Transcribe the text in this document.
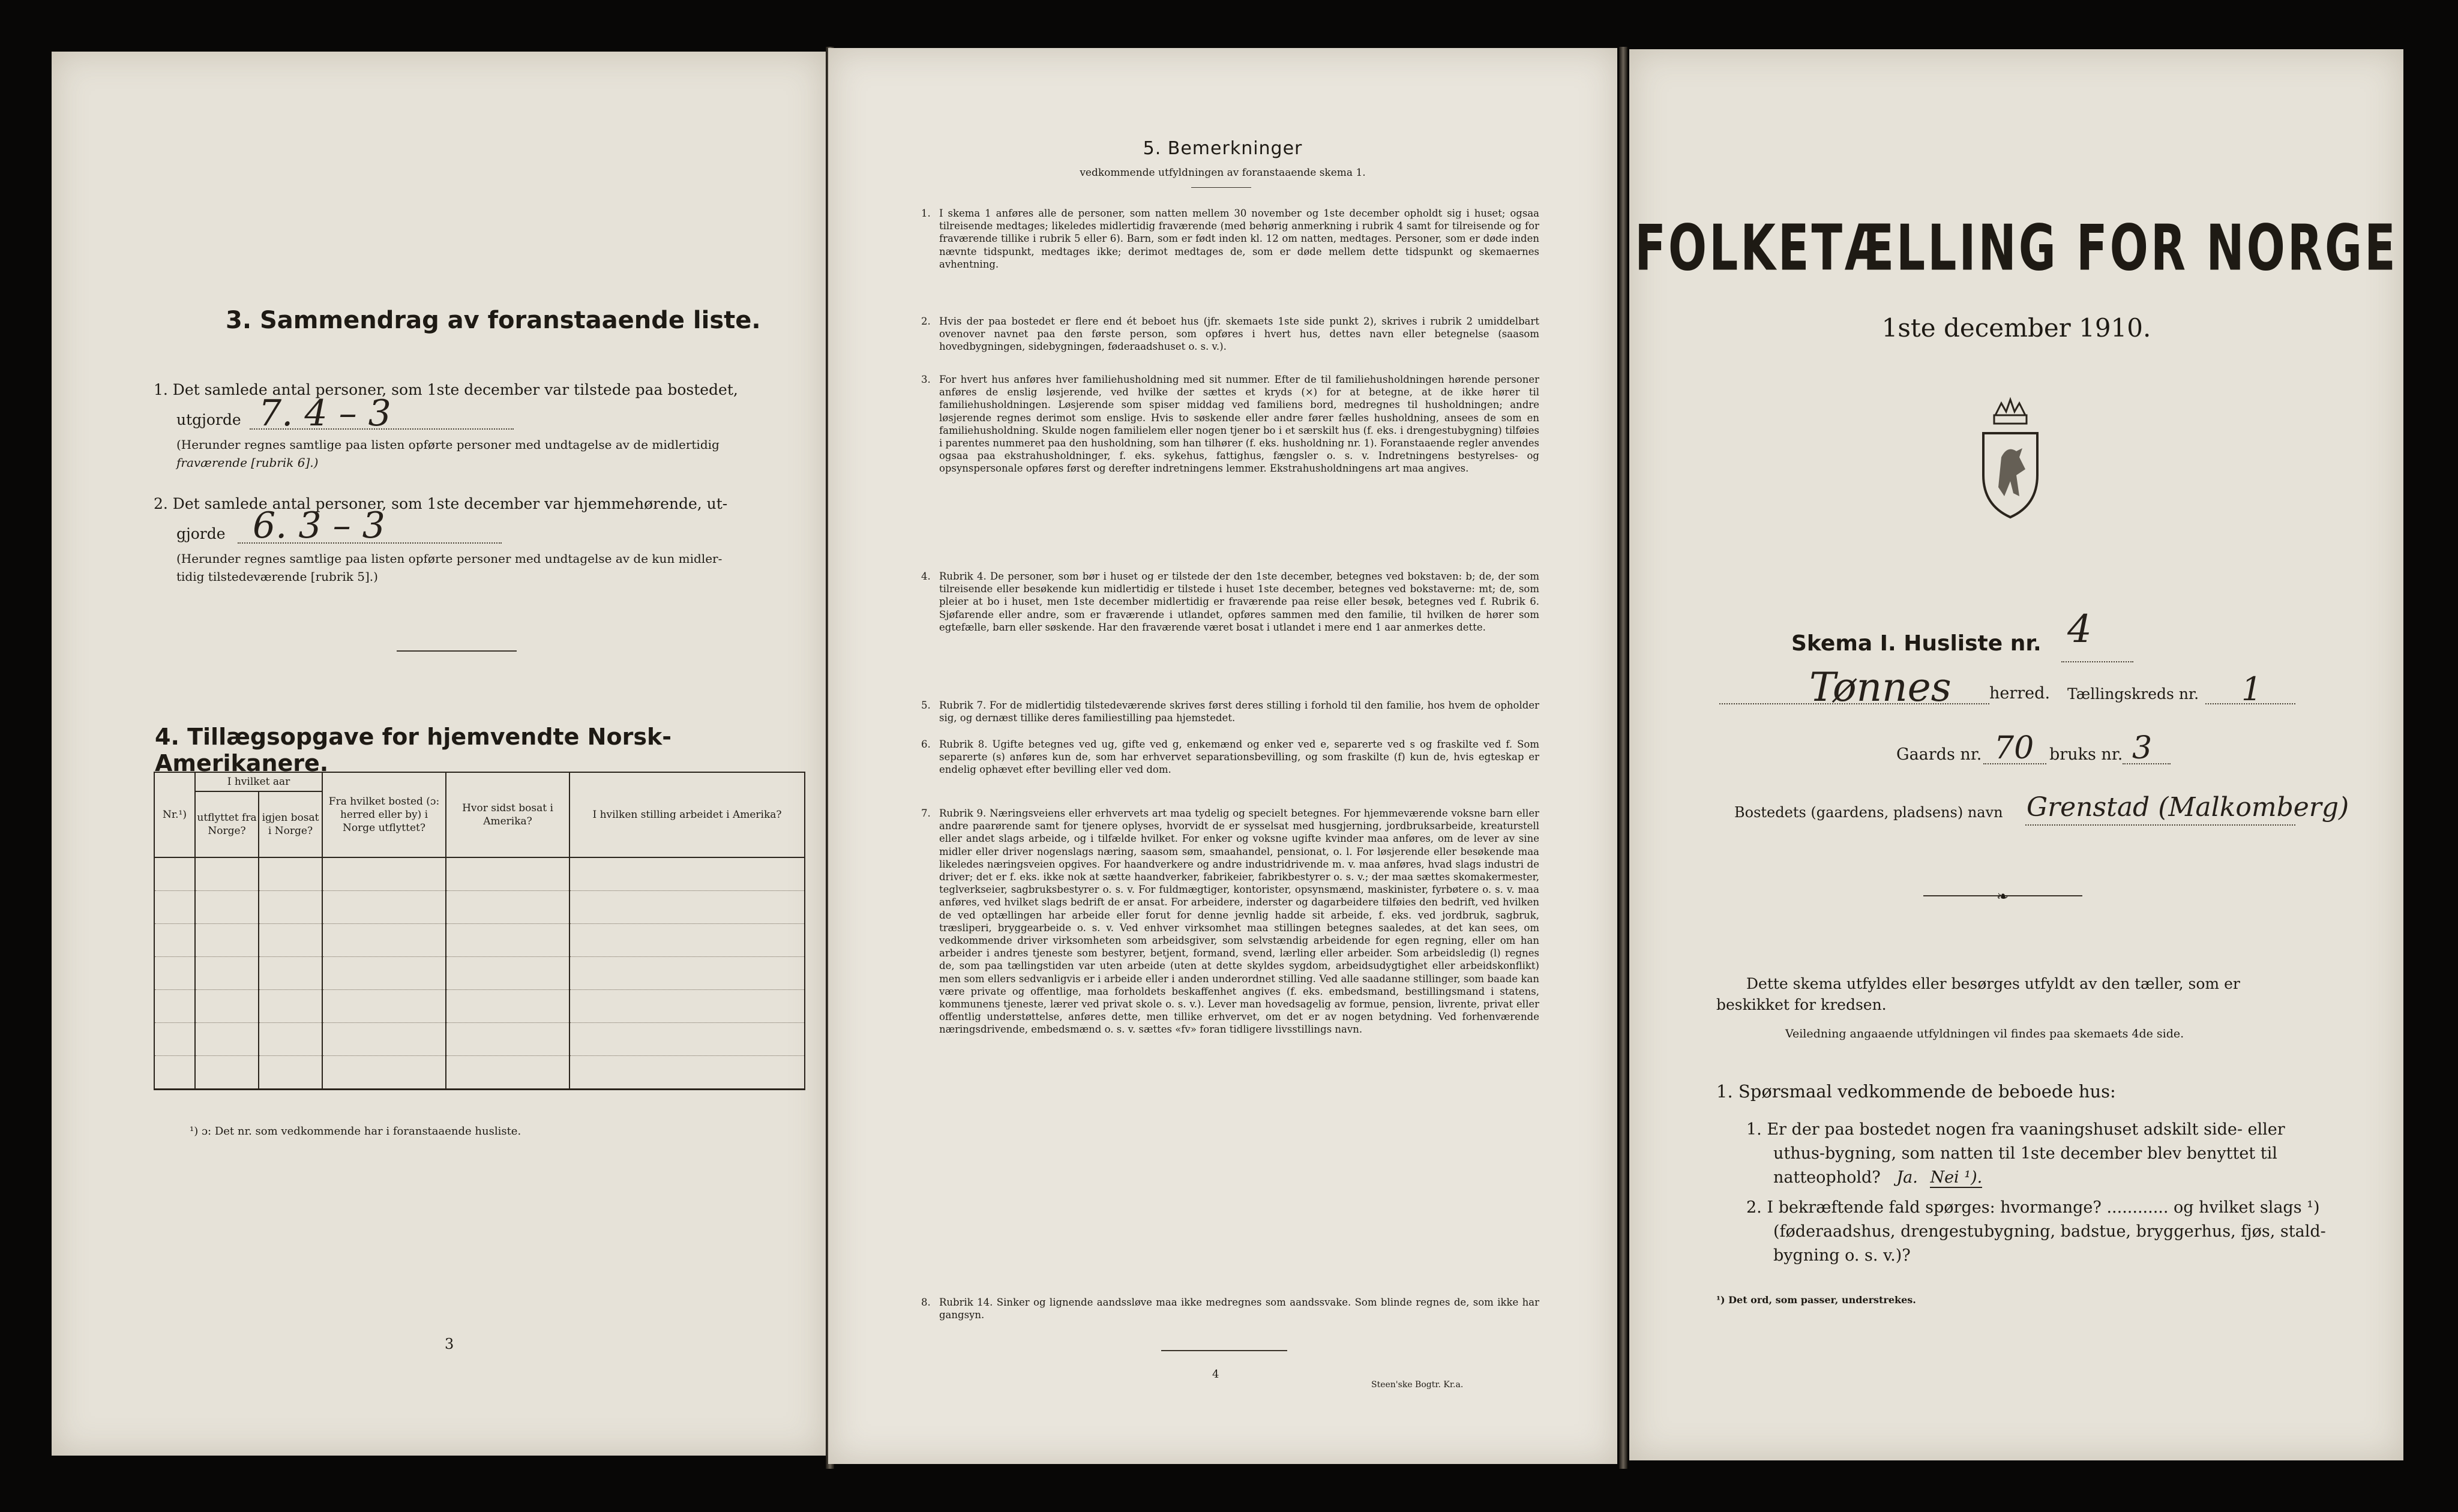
3. Sammendrag av foranstaaende liste.
1. Det samlede antal personer, som 1ste december var tilstede paa bostedet,
utgjorde 7. 4 – 3
(Herunder regnes samtlige paa listen opførte personer med undtagelse av de midlertidig
fraværende [rubrik 6].)
2. Det samlede antal personer, som 1ste december var hjemmehørende, ut-
gjorde 6. 3 – 3
(Herunder regnes samtlige paa listen opførte personer med undtagelse av de kun midler-
tidig tilstedeværende [rubrik 5].)
4. Tillægsopgave for hjemvendte Norsk-Amerikanere.
Nr.¹)	I hvilket aar		Fra hvilket bosted (ɔ: herred eller by) i Norge utflyttet?	Hvor sidst bosat i Amerika?	I hvilken stilling arbeidet i Amerika?
	utflyttet fra Norge?	igjen bosat i Norge?			

¹) ɔ: Det nr. som vedkommende har i foranstaaende husliste.
3
5. Bemerkninger
vedkommende utfyldningen av foranstaaende skema 1.
1. I skema 1 anføres alle de personer, som natten mellem 30 november og 1ste december opholdt sig i huset; ogsaa tilreisende medtages; likeledes midlertidig fraværende (med behørig anmerkning i rubrik 4 samt for tilreisende og for fraværende tillike i rubrik 5 eller 6). Barn, som er født inden kl. 12 om natten, medtages. Personer, som er døde inden nævnte tidspunkt, medtages ikke; derimot medtages de, som er døde mellem dette tidspunkt og skemaernes avhentning.
2. Hvis der paa bostedet er flere end ét beboet hus (jfr. skemaets 1ste side punkt 2), skrives i rubrik 2 umiddelbart ovenover navnet paa den første person, som opføres i hvert hus, dettes navn eller betegnelse (saasom hovedbygningen, sidebygningen, føderaadshuset o. s. v.).
3. For hvert hus anføres hver familiehusholdning med sit nummer. Efter de til familiehusholdningen hørende personer anføres de enslig løsjerende, ved hvilke der sættes et kryds (×) for at betegne, at de ikke hører til familiehusholdningen. Løsjerende som spiser middag ved familiens bord, medregnes til husholdningen; andre løsjerende regnes derimot som enslige. Hvis to søskende eller andre fører fælles husholdning, ansees de som en familiehusholdning. Skulde nogen familielem eller nogen tjener bo i et særskilt hus (f. eks. i drengestubygning) tilføies i parentes nummeret paa den husholdning, som han tilhører (f. eks. husholdning nr. 1). Foranstaaende regler anvendes ogsaa paa ekstrahusholdninger, f. eks. sykehus, fattighus, fængsler o. s. v. Indretningens bestyrelses- og opsynspersonale opføres først og derefter indretningens lemmer. Ekstrahusholdningens art maa angives.
4. Rubrik 4. De personer, som bør i huset og er tilstede der den 1ste december, betegnes ved bokstaven: b; de, der som tilreisende eller besøkende kun midlertidig er tilstede i huset 1ste december, betegnes ved bokstaverne: mt; de, som pleier at bo i huset, men 1ste december midlertidig er fraværende paa reise eller besøk, betegnes ved f. Rubrik 6. Sjøfarende eller andre, som er fraværende i utlandet, opføres sammen med den familie, til hvilken de hører som egtefælle, barn eller søskende. Har den fraværende været bosat i utlandet i mere end 1 aar anmerkes dette.
5. Rubrik 7. For de midlertidig tilstedeværende skrives først deres stilling i forhold til den familie, hos hvem de opholder sig, og dernæst tillike deres familiestilling paa hjemstedet.
6. Rubrik 8. Ugifte betegnes ved ug, gifte ved g, enkemænd og enker ved e, separerte ved s og fraskilte ved f. Som separerte (s) anføres kun de, som har erhvervet separationsbevilling, og som fraskilte (f) kun de, hvis egteskap er endelig ophævet efter bevilling eller ved dom.
7. Rubrik 9. Næringsveiens eller erhvervets art maa tydelig og specielt betegnes. For hjemmeværende voksne barn eller andre paarørende samt for tjenere oplyses, hvorvidt de er sysselsat med husgjerning, jordbruksarbeide, kreaturstell eller andet slags arbeide, og i tilfælde hvilket. For enker og voksne ugifte kvinder maa anføres, om de lever av sine midler eller driver nogenslags næring, saasom søm, smaahandel, pensionat, o. l. For løsjerende eller besøkende maa likeledes næringsveien opgives. For haandverkere og andre industridrivende m. v. maa anføres, hvad slags industri de driver; det er f. eks. ikke nok at sætte haandverker, fabrikeier, fabrikbestyrer o. s. v.; der maa sættes skomakermester, teglverkseier, sagbruksbestyrer o. s. v. For fuldmægtiger, kontorister, opsynsmænd, maskinister, fyrbøtere o. s. v. maa anføres, ved hvilket slags bedrift de er ansat. For arbeidere, inderster og dagarbeidere tilføies den bedrift, ved hvilken de ved optællingen har arbeide eller forut for denne jevnlig hadde sit arbeide, f. eks. ved jordbruk, sagbruk, træsliperi, bryggearbeide o. s. v. Ved enhver virksomhet maa stillingen betegnes saaledes, at det kan sees, om vedkommende driver virksomheten som arbeidsgiver, som selvstændig arbeidende for egen regning, eller om han arbeider i andres tjeneste som bestyrer, betjent, formand, svend, lærling eller arbeider. Som arbeidsledig (l) regnes de, som paa tællingstiden var uten arbeide (uten at dette skyldes sygdom, arbeidsudygtighet eller arbeidskonflikt) men som ellers sedvanligvis er i arbeide eller i anden underordnet stilling. Ved alle saadanne stillinger, som baade kan være private og offentlige, maa forholdets beskaffenhet angives (f. eks. embedsmand, bestillingsmand i statens, kommunens tjeneste, lærer ved privat skole o. s. v.). Lever man hovedsagelig av formue, pension, livrente, privat eller offentlig understøttelse, anføres dette, men tillike erhvervet, om det er av nogen betydning. Ved forhenværende næringsdrivende, embedsmænd o. s. v. sættes «fv» foran tidligere livsstillings navn.
8. Rubrik 14. Sinker og lignende aandssløve maa ikke medregnes som aandssvake. Som blinde regnes de, som ikke har gangsyn.
4
Steen'ske Bogtr. Kr.a.
FOLKETÆLLING FOR NORGE
1ste december 1910.
Skema I. Husliste nr. 4
Tønnes herred. Tællingskreds nr. 1
Gaards nr. 70 bruks nr. 3
Bostedets (gaardens, pladsens) navn Grenstad (Malkomberg)
❧
Dette skema utfyldes eller besørges utfyldt av den tæller, som er
beskikket for kredsen.
Veiledning angaaende utfyldningen vil findes paa skemaets 4de side.
1. Spørsmaal vedkommende de beboede hus:
1. Er der paa bostedet nogen fra vaaningshuset adskilt side- eller
uthus-bygning, som natten til 1ste december blev benyttet til
natteophold? Ja. Nei ¹).
2. I bekræftende fald spørges: hvormange? ............ og hvilket slags ¹)
(føderaadshus, drengestubygning, badstue, bryggerhus, fjøs, stald-
bygning o. s. v.)?
¹) Det ord, som passer, understrekes.
